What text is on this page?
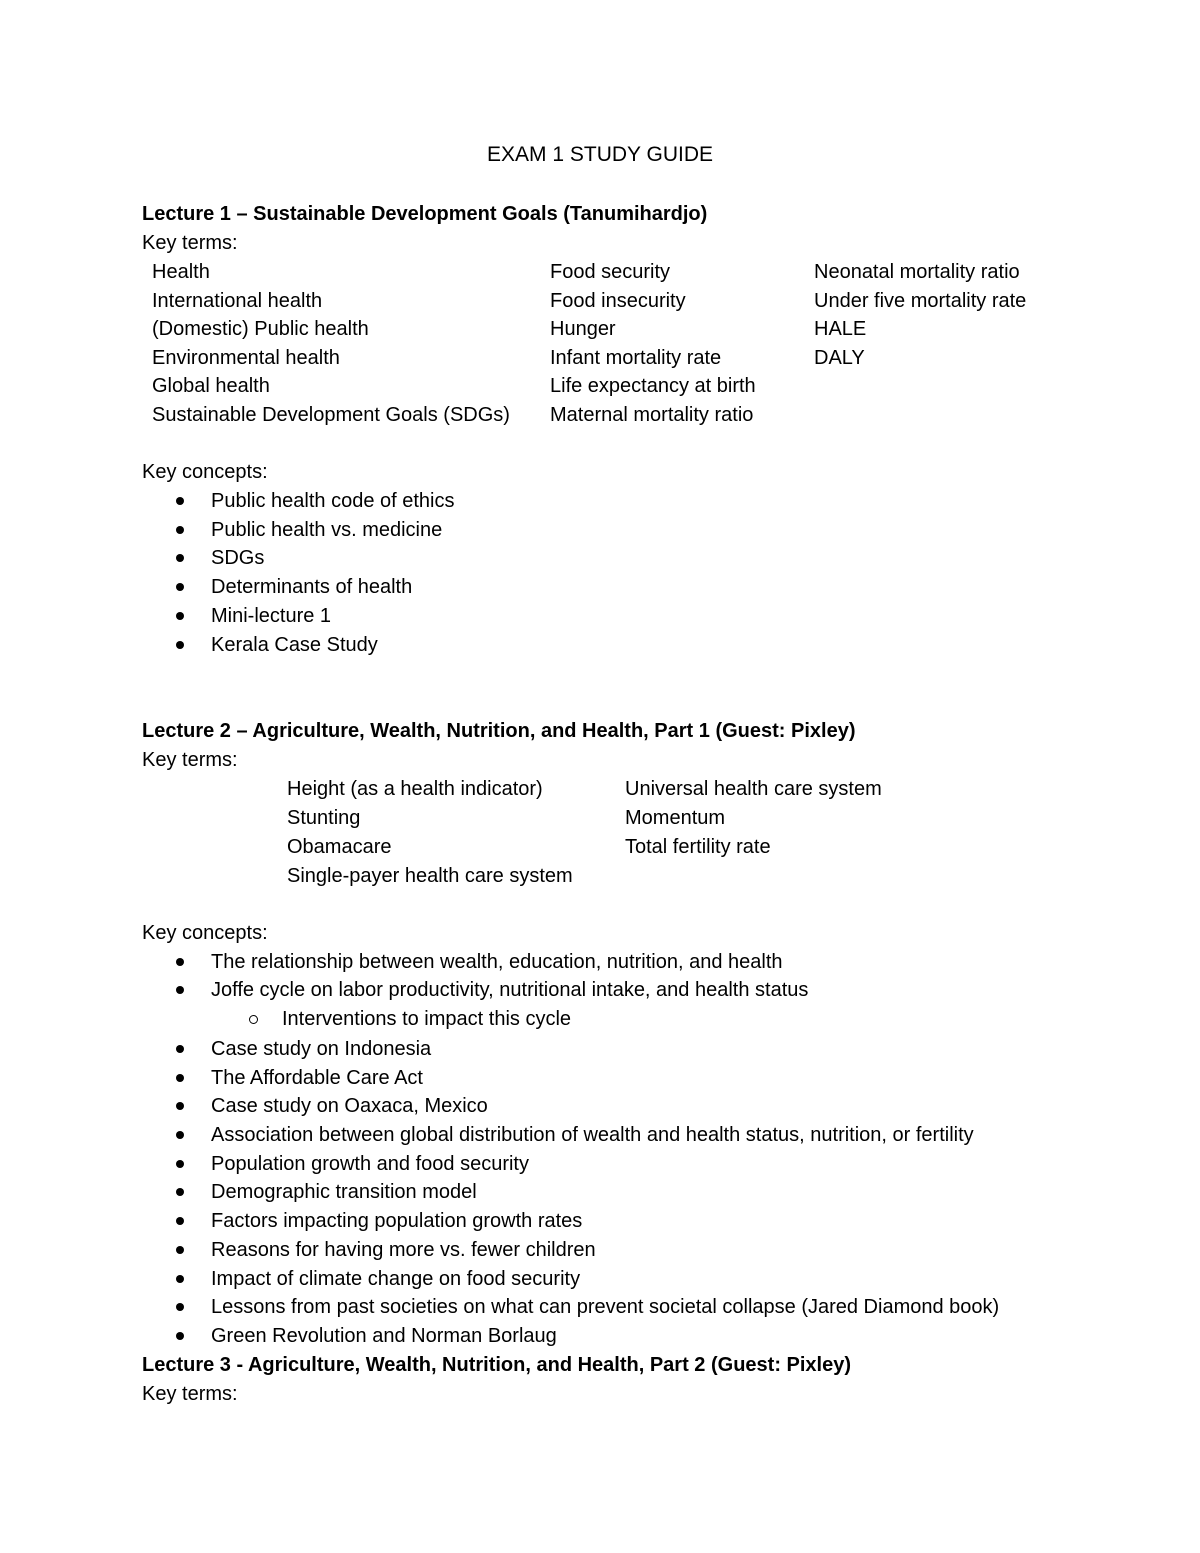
EXAM 1 STUDY GUIDE
Lecture 1 – Sustainable Development Goals (Tanumihardjo)
Key terms:
Health
International health
(Domestic) Public health
Environmental health
Global health
Sustainable Development Goals (SDGs)
Food security
Food insecurity
Hunger
Infant mortality rate
Life expectancy at birth
Maternal mortality ratio
Neonatal mortality ratio
Under five mortality rate
HALE
DALY
Key concepts:
Public health code of ethics
Public health vs. medicine
SDGs
Determinants of health
Mini-lecture 1
Kerala Case Study
Lecture 2 – Agriculture, Wealth, Nutrition, and Health, Part 1 (Guest: Pixley)
Key terms:
Height (as a health indicator)
Stunting
Obamacare
Single-payer health care system
Universal health care system
Momentum
Total fertility rate
Key concepts:
The relationship between wealth, education, nutrition, and health
Joffe cycle on labor productivity, nutritional intake, and health status
Interventions to impact this cycle
Case study on Indonesia
The Affordable Care Act
Case study on Oaxaca, Mexico
Association between global distribution of wealth and health status, nutrition, or fertility
Population growth and food security
Demographic transition model
Factors impacting population growth rates
Reasons for having more vs. fewer children
Impact of climate change on food security
Lessons from past societies on what can prevent societal collapse (Jared Diamond book)
Green Revolution and Norman Borlaug
Lecture 3 - Agriculture, Wealth, Nutrition, and Health, Part 2 (Guest: Pixley)
Key terms:
